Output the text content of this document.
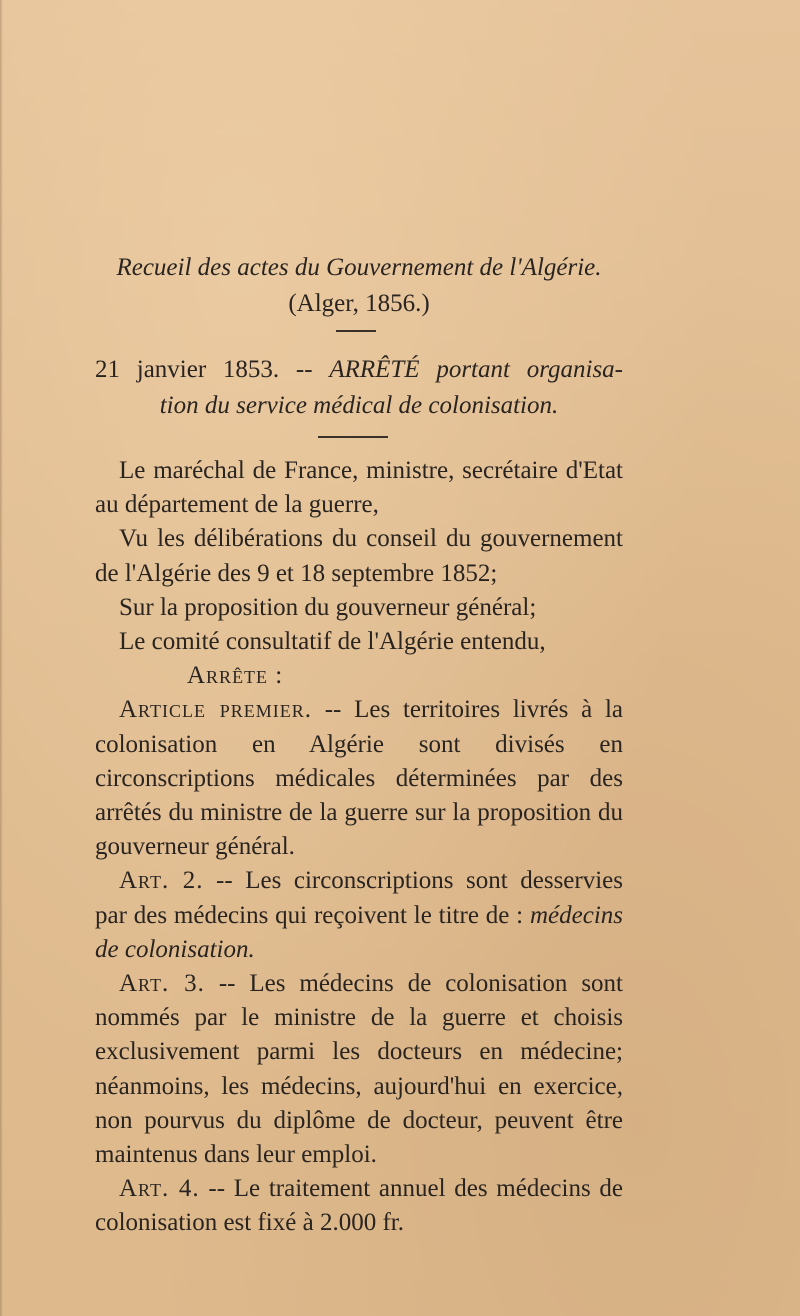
Recueil des actes du Gouvernement de l'Algérie.
(Alger, 1856.)
21 janvier 1853. -- ARRÊTÉ portant organisa-
tion du service médical de colonisation.

Le maréchal de France, ministre, secrétaire d'Etat au département de la guerre,

Vu les délibérations du conseil du gouvernement de l'Algérie des 9 et 18 septembre 1852;

Sur la proposition du gouverneur général;

Le comité consultatif de l'Algérie entendu,

Arrête :

Article premier. -- Les territoires livrés à la colonisation en Algérie sont divisés en circonscriptions médicales déterminées par des arrêtés du ministre de la guerre sur la proposition du gouverneur général.

Art. 2. -- Les circonscriptions sont desservies par des médecins qui reçoivent le titre de : médecins de colonisation.

Art. 3. -- Les médecins de colonisation sont nommés par le ministre de la guerre et choisis exclusivement parmi les docteurs en médecine; néanmoins, les médecins, aujourd'hui en exercice, non pourvus du diplôme de docteur, peuvent être maintenus dans leur emploi.

Art. 4. -- Le traitement annuel des médecins de colonisation est fixé à 2.000 fr.
